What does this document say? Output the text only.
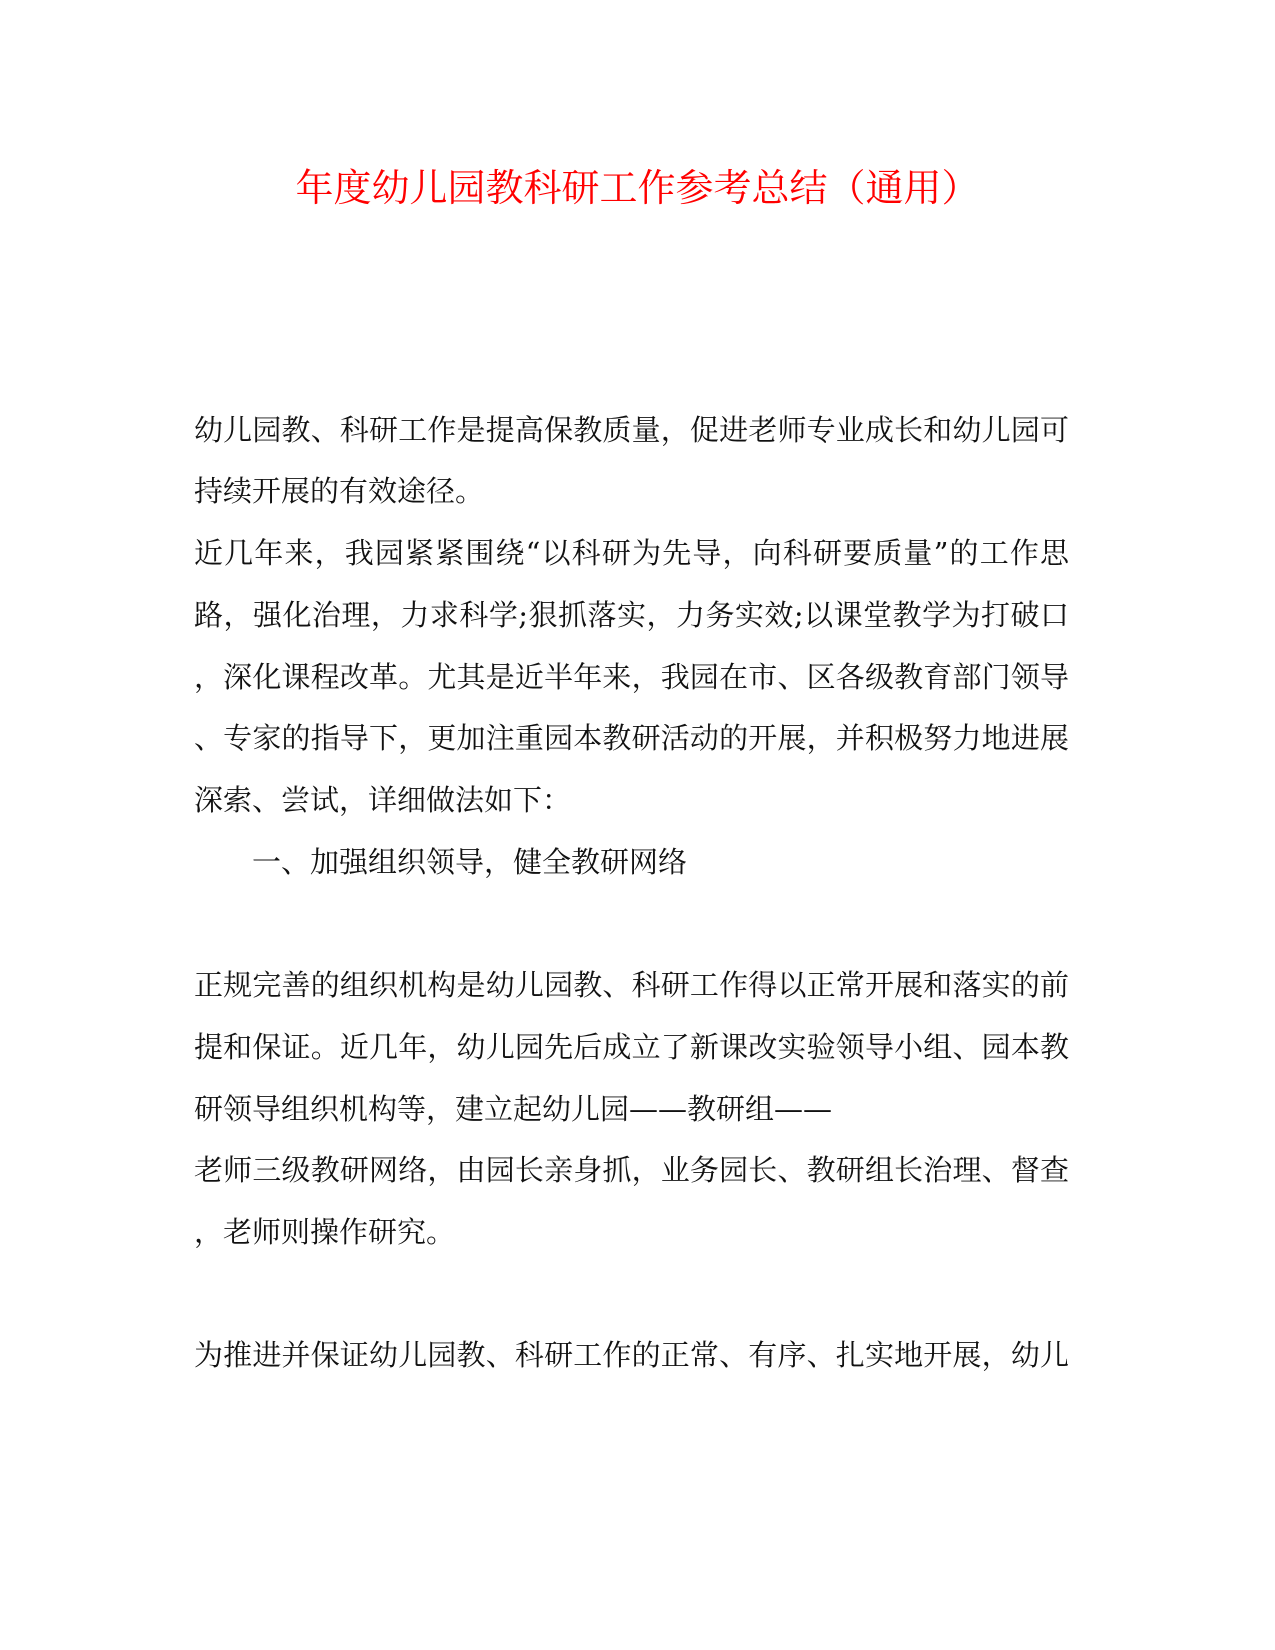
年度幼儿园教科研工作参考总结（通用）
幼儿园教、科研工作是提高保教质量，促进老师专业成长和幼儿园可
持续开展的有效途径。
近几年来，我园紧紧围绕“以科研为先导，向科研要质量”的工作思
路，强化治理，力求科学;狠抓落实，力务实效;以课堂教学为打破口
，深化课程改革。尤其是近半年来，我园在市、区各级教育部门领导
、专家的指导下，更加注重园本教研活动的开展，并积极努力地进展
深索、尝试，详细做法如下：
一、加强组织领导，健全教研网络
正规完善的组织机构是幼儿园教、科研工作得以正常开展和落实的前
提和保证。近几年，幼儿园先后成立了新课改实验领导小组、园本教
研领导组织机构等，建立起幼儿园——教研组——
老师三级教研网络，由园长亲身抓，业务园长、教研组长治理、督查
，老师则操作研究。
为推进并保证幼儿园教、科研工作的正常、有序、扎实地开展，幼儿
